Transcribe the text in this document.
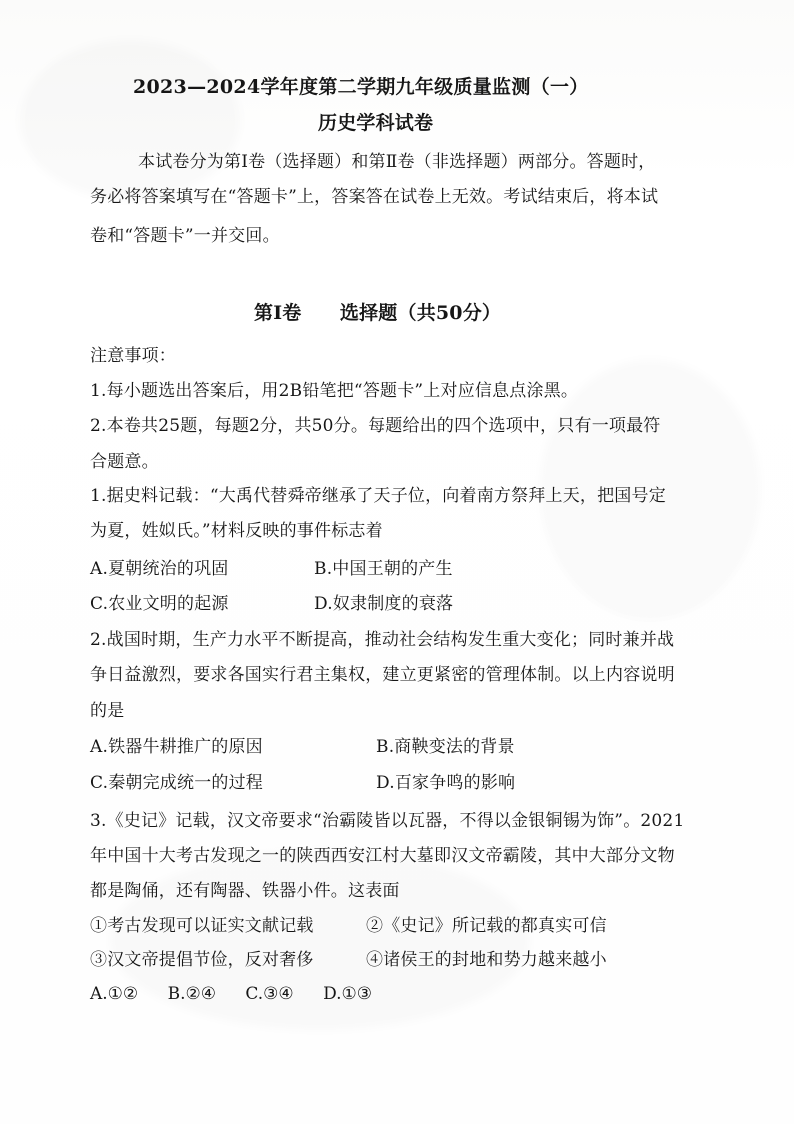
2023—2024学年度第二学期九年级质量监测（一）
历史学科试卷
本试卷分为第Ⅰ卷（选择题）和第Ⅱ卷（非选择题）两部分。答题时，
务必将答案填写在“答题卡”上，答案答在试卷上无效。考试结束后，将本试
卷和“答题卡”一并交回。
第Ⅰ卷　　选择题（共50分）
注意事项：
1.每小题选出答案后，用2B铅笔把“答题卡”上对应信息点涂黑。
2.本卷共25题，每题2分，共50分。每题给出的四个选项中，只有一项最符
合题意。
1.据史料记载：“大禹代替舜帝继承了天子位，向着南方祭拜上天，把国号定
为夏，姓姒氏。”材料反映的事件标志着
A.夏朝统治的巩固	B.中国王朝的产生
C.农业文明的起源	D.奴隶制度的衰落
2.战国时期，生产力水平不断提高，推动社会结构发生重大变化；同时兼并战
争日益激烈，要求各国实行君主集权，建立更紧密的管理体制。以上内容说明
的是
A.铁器牛耕推广的原因	B.商鞅变法的背景
C.秦朝完成统一的过程	D.百家争鸣的影响
3.《史记》记载，汉文帝要求“治霸陵皆以瓦器，不得以金银铜锡为饰”。2021
年中国十大考古发现之一的陕西西安江村大墓即汉文帝霸陵，其中大部分文物
都是陶俑，还有陶器、铁器小件。这表面
①考古发现可以证实文献记载	②《史记》所记载的都真实可信
③汉文帝提倡节俭，反对奢侈	④诸侯王的封地和势力越来越小
A.①② B.②④ C.③④ D.①③
